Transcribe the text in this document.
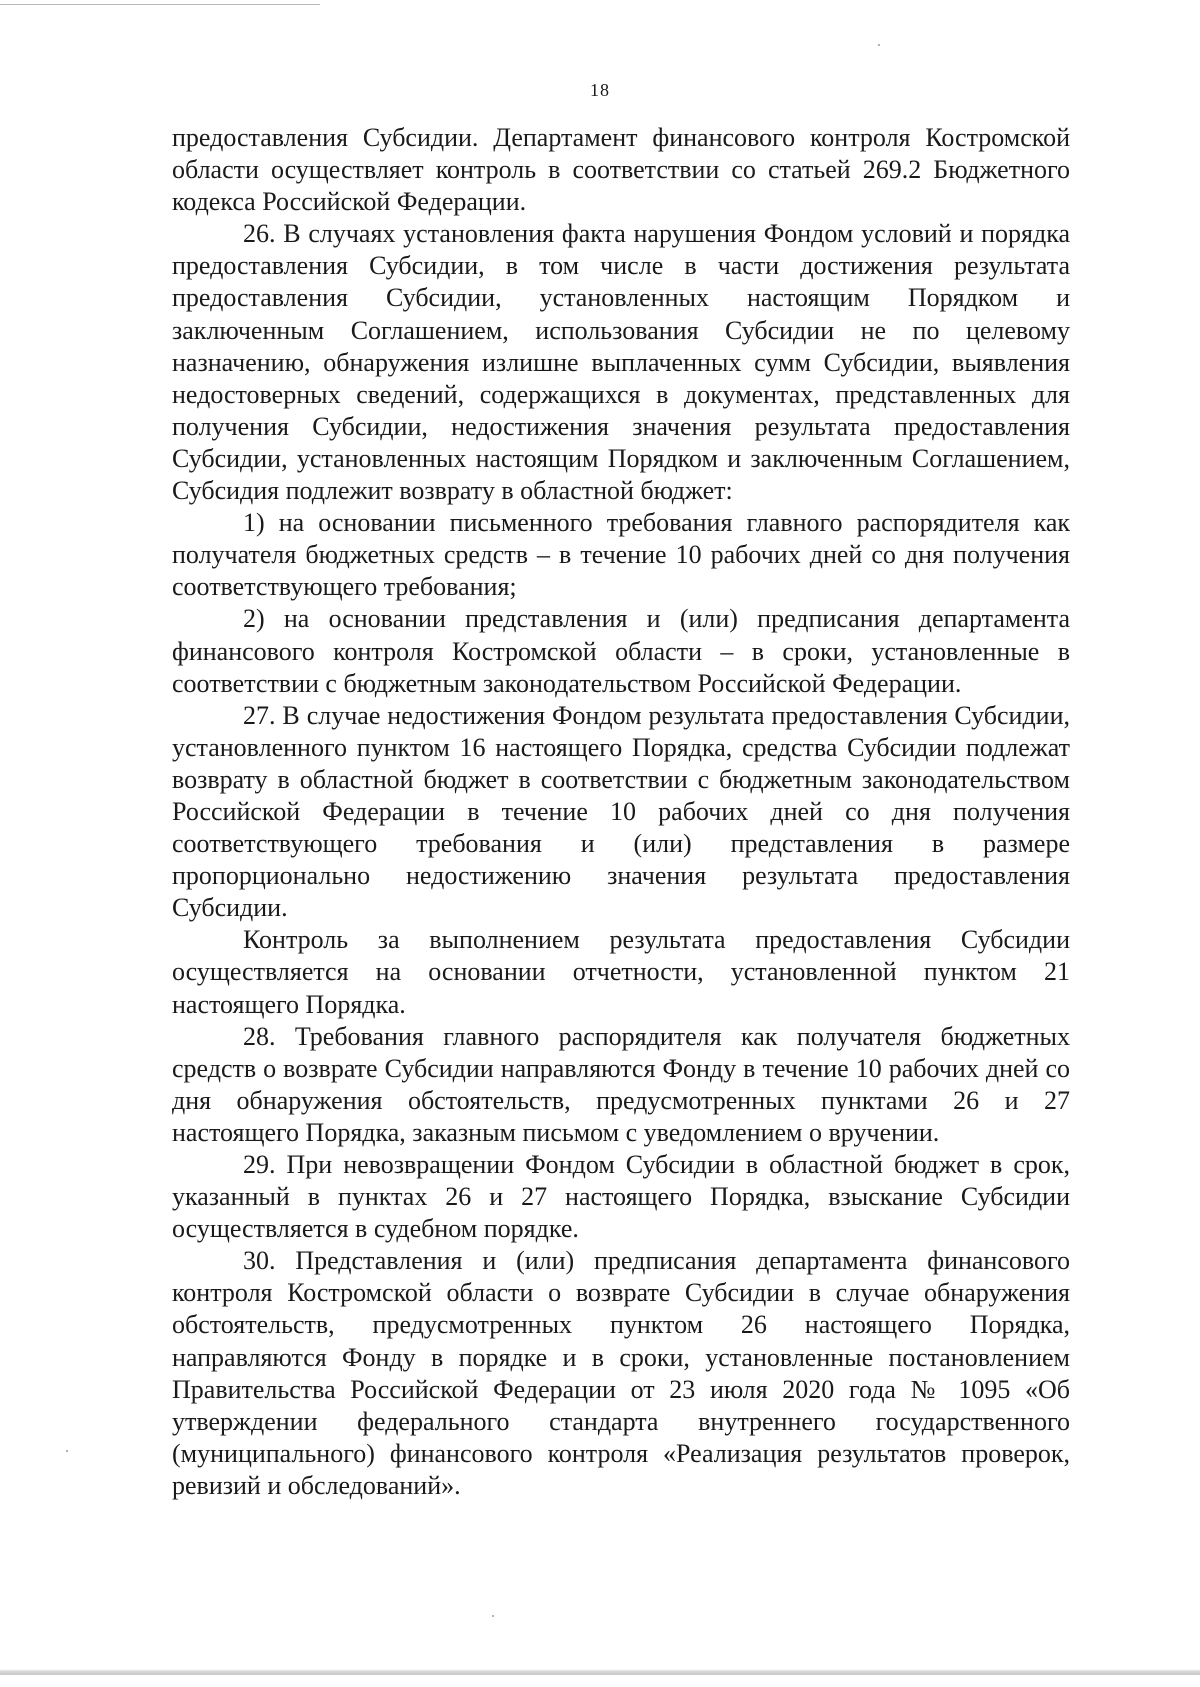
18

предоставления Субсидии. Департамент финансового контроля Костромской области осуществляет контроль в соответствии со статьей 269.2 Бюджетного кодекса Российской Федерации.

26. В случаях установления факта нарушения Фондом условий и порядка предоставления Субсидии, в том числе в части достижения результата предоставления Субсидии, установленных настоящим Порядком и заключенным Соглашением, использования Субсидии не по целевому назначению, обнаружения излишне выплаченных сумм Субсидии, выявления недостоверных сведений, содержащихся в документах, представленных для получения Субсидии, недостижения значения результата предоставления Субсидии, установленных настоящим Порядком и заключенным Соглашением, Субсидия подлежит возврату в областной бюджет:

1) на основании письменного требования главного распорядителя как получателя бюджетных средств – в течение 10 рабочих дней со дня получения соответствующего требования;

2) на основании представления и (или) предписания департамента финансового контроля Костромской области – в сроки, установленные в соответствии с бюджетным законодательством Российской Федерации.

27. В случае недостижения Фондом результата предоставления Субсидии, установленного пунктом 16 настоящего Порядка, средства Субсидии подлежат возврату в областной бюджет в соответствии с бюджетным законодательством Российской Федерации в течение 10 рабочих дней со дня получения соответствующего требования и (или) представления в размере пропорционально недостижению значения результата предоставления Субсидии.

Контроль за выполнением результата предоставления Субсидии осуществляется на основании отчетности, установленной пунктом 21 настоящего Порядка.

28. Требования главного распорядителя как получателя бюджетных средств о возврате Субсидии направляются Фонду в течение 10 рабочих дней со дня обнаружения обстоятельств, предусмотренных пунктами 26 и 27 настоящего Порядка, заказным письмом с уведомлением о вручении.

29. При невозвращении Фондом Субсидии в областной бюджет в срок, указанный в пунктах 26 и 27 настоящего Порядка, взыскание Субсидии осуществляется в судебном порядке.

30. Представления и (или) предписания департамента финансового контроля Костромской области о возврате Субсидии в случае обнаружения обстоятельств, предусмотренных пунктом 26 настоящего Порядка, направляются Фонду в порядке и в сроки, установленные постановлением Правительства Российской Федерации от 23 июля 2020 года № 1095 «Об утверждении федерального стандарта внутреннего государственного (муниципального) финансового контроля «Реализация результатов проверок, ревизий и обследований».
